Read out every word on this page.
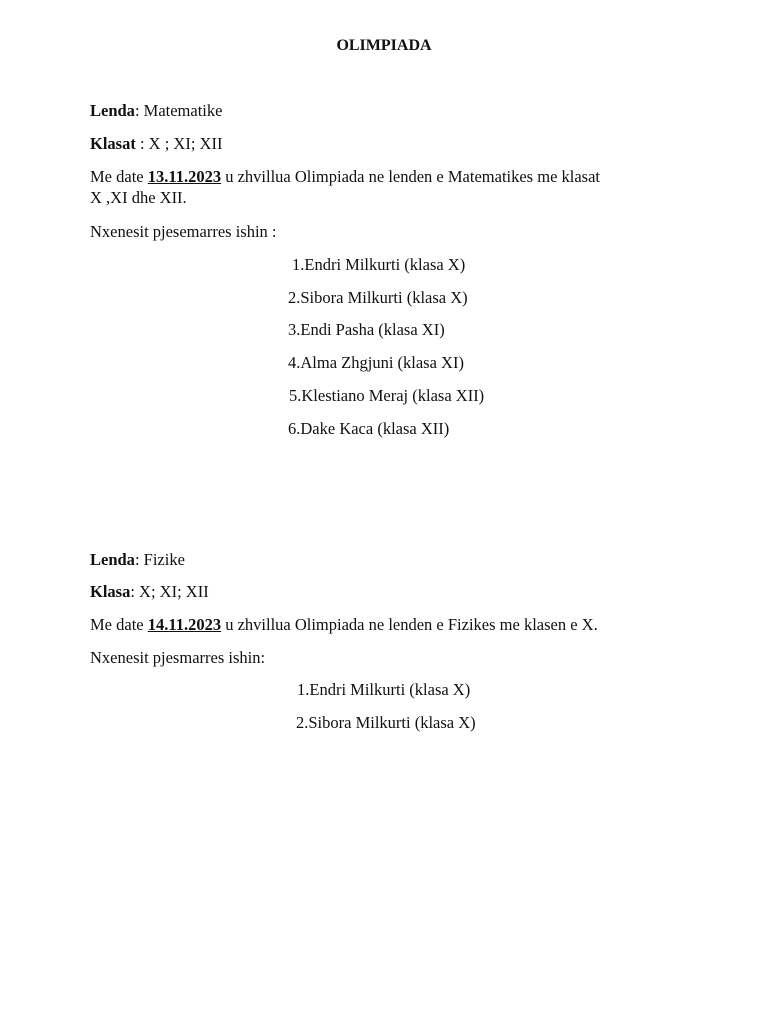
OLIMPIADA
Lenda: Matematike
Klasat : X ; XI; XII
Me date 13.11.2023 u zhvillua Olimpiada ne lenden e Matematikes me klasat
X ,XI dhe XII.
Nxenesit pjesemarres ishin :
1.Endri Milkurti (klasa X)
2.Sibora Milkurti (klasa X)
3.Endi Pasha (klasa XI)
4.Alma Zhgjuni (klasa XI)
5.Klestiano Meraj (klasa XII)
6.Dake Kaca (klasa XII)
Lenda: Fizike
Klasa: X; XI; XII
Me date 14.11.2023 u zhvillua Olimpiada ne lenden e Fizikes me klasen e X.
Nxenesit pjesmarres ishin:
1.Endri Milkurti (klasa X)
2.Sibora Milkurti (klasa X)
